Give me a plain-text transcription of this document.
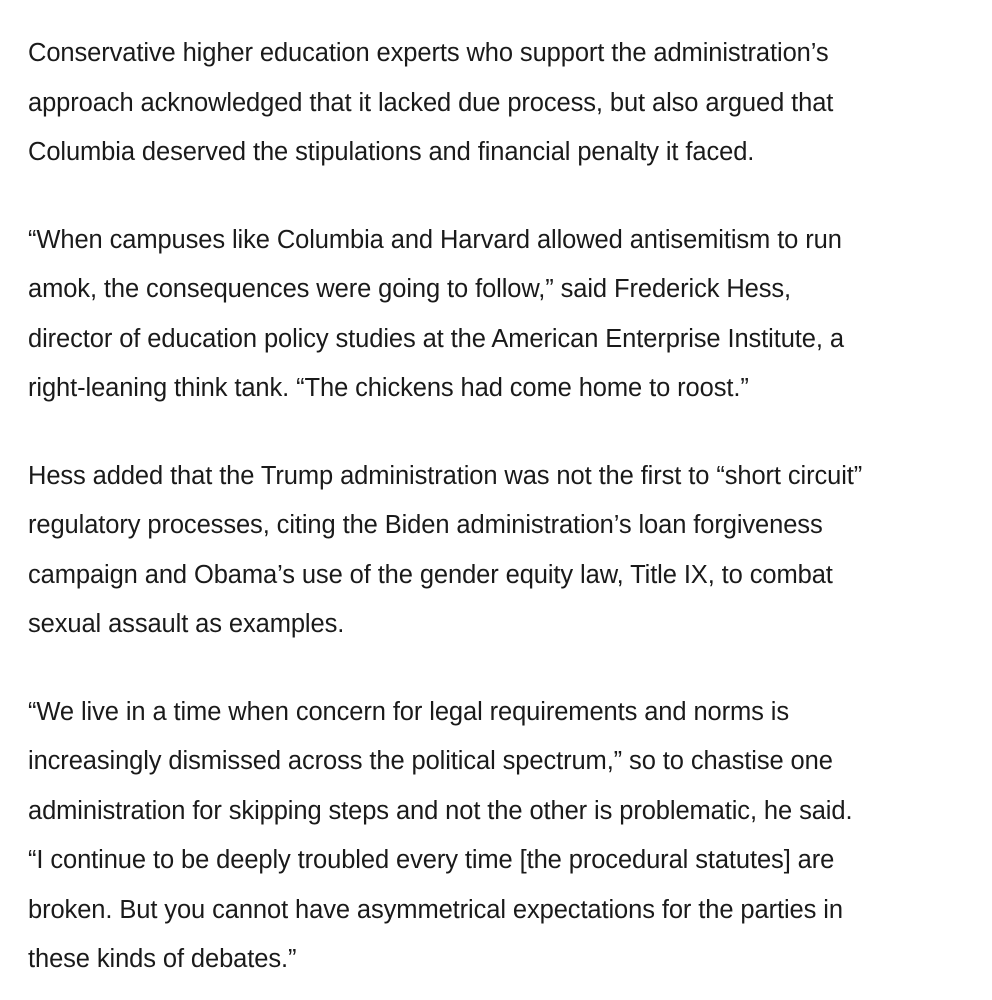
Conservative higher education experts who support the administration’s
approach acknowledged that it lacked due process, but also argued that
Columbia deserved the stipulations and financial penalty it faced.

“When campuses like Columbia and Harvard allowed antisemitism to run
amok, the consequences were going to follow,” said Frederick Hess,
director of education policy studies at the American Enterprise Institute, a
right-leaning think tank. “The chickens had come home to roost.”

Hess added that the Trump administration was not the first to “short circuit”
regulatory processes, citing the Biden administration’s loan forgiveness
campaign and Obama’s use of the gender equity law, Title IX, to combat
sexual assault as examples.

“We live in a time when concern for legal requirements and norms is
increasingly dismissed across the political spectrum,” so to chastise one
administration for skipping steps and not the other is problematic, he said.
“I continue to be deeply troubled every time [the procedural statutes] are
broken. But you cannot have asymmetrical expectations for the parties in
these kinds of debates.”
